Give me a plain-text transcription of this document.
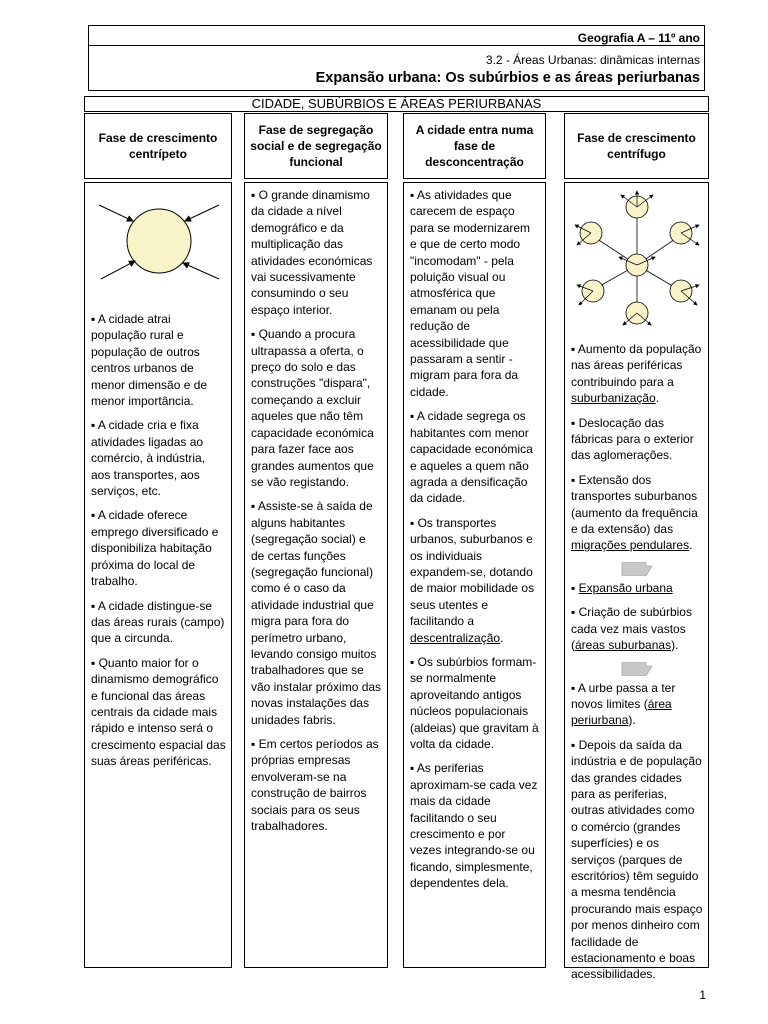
Geografia A – 11º ano
3.2 - Áreas Urbanas: dinâmicas internas
Expansão urbana: Os subúrbios e as áreas periurbanas
CIDADE, SUBÚRBIOS E ÁREAS PERIURBANAS
Fase de crescimento centrípeto
Fase de segregação social e de segregação funcional
A cidade entra numa fase de desconcentração
Fase de crescimento centrífugo

▪ A cidade atrai população rural e população de outros centros urbanos de menor dimensão e de menor importância.

▪ A cidade cria e fixa atividades ligadas ao comércio, à indústria, aos transportes, aos serviços, etc.

▪ A cidade oferece emprego diversificado e disponibiliza habitação próxima do local de trabalho.

▪ A cidade distingue-se das áreas rurais (campo) que a circunda.

▪ Quanto maior for o dinamismo demográfico e funcional das áreas centrais da cidade mais rápido e intenso será o crescimento espacial das suas áreas periféricas.

▪ O grande dinamismo da cidade a nível demográfico e da multiplicação das atividades económicas vai sucessivamente consumindo o seu espaço interior.

▪ Quando a procura ultrapassa a oferta, o preço do solo e das construções "dispara", começando a excluir aqueles que não têm capacidade económica para fazer face aos grandes aumentos que se vão registando.

▪ Assiste-se à saída de alguns habitantes (segregação social) e de certas funções (segregação funcional) como é o caso da atividade industrial que migra para fora do perímetro urbano, levando consigo muitos trabalhadores que se vão instalar próximo das novas instalações das unidades fabris.

▪ Em certos períodos as próprias empresas envolveram-se na construção de bairros sociais para os seus trabalhadores.

▪ As atividades que carecem de espaço para se modernizarem e que de certo modo "incomodam" - pela poluição visual ou atmosférica que emanam ou pela redução de acessibilidade que passaram a sentir - migram para fora da cidade.

▪ A cidade segrega os habitantes com menor capacidade económica e aqueles a quem não agrada a densificação da cidade.

▪ Os transportes urbanos, suburbanos e os individuais expandem-se, dotando de maior mobilidade os seus utentes e facilitando a descentralização.

▪ Os subúrbios formam-se normalmente aproveitando antigos núcleos populacionais (aldeias) que gravitam à volta da cidade.

▪ As periferias aproximam-se cada vez mais da cidade facilitando o seu crescimento e por vezes integrando-se ou ficando, simplesmente, dependentes dela.

▪ Aumento da população nas áreas periféricas contribuindo para a suburbanização.

▪ Deslocação das fábricas para o exterior das aglomerações.

▪ Extensão dos transportes suburbanos (aumento da frequência e da extensão) das migrações pendulares.

▪ Expansão urbana

▪ Criação de subúrbios cada vez mais vastos (áreas suburbanas).

▪ A urbe passa a ter novos limites (área periurbana).

▪ Depois da saída da indústria e de população das grandes cidades para as periferias, outras atividades como o comércio (grandes superfícies) e os serviços (parques de escritórios) têm seguido a mesma tendência procurando mais espaço por menos dinheiro com facilidade de estacionamento e boas acessibilidades.

1
